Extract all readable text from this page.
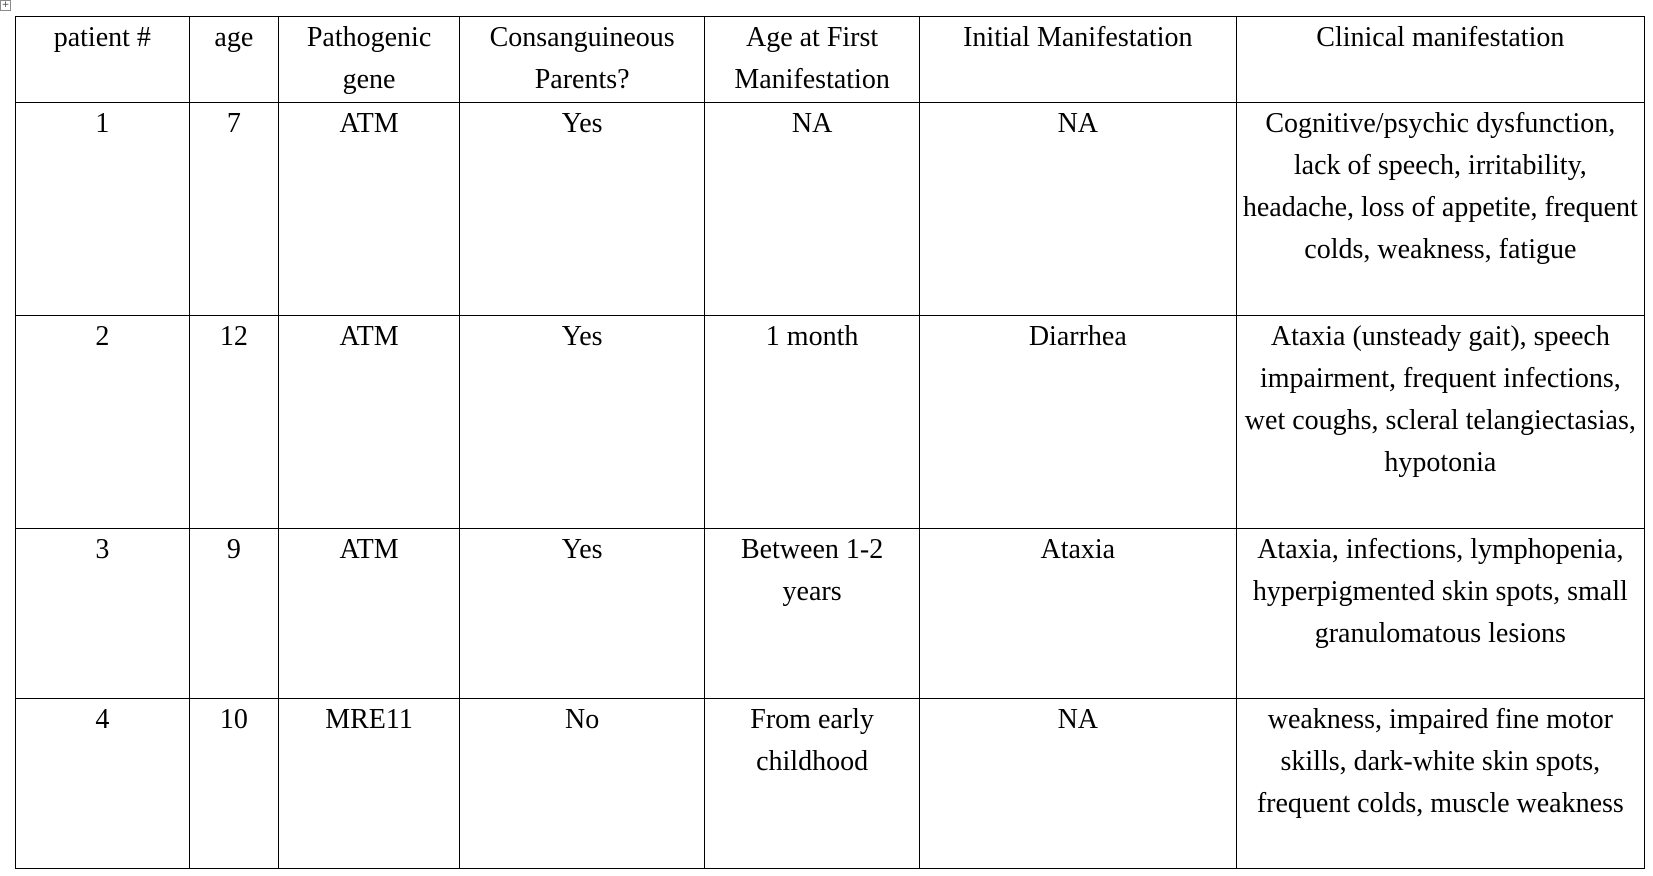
+
patient #	age	Pathogenic gene	Consanguineous Parents?	Age at First Manifestation	Initial Manifestation	Clinical manifestation
1	7	ATM	Yes	NA	NA	Cognitive/psychic dysfunction, lack of speech, irritability, headache, loss of appetite, frequent colds, weakness, fatigue
2	12	ATM	Yes	1 month	Diarrhea	Ataxia (unsteady gait), speech impairment, frequent infections, wet coughs, scleral telangiectasias, hypotonia
3	9	ATM	Yes	Between 1-2 years	Ataxia	Ataxia, infections, lymphopenia, hyperpigmented skin spots, small granulomatous lesions
4	10	MRE11	No	From early childhood	NA	weakness, impaired fine motor skills, dark-white skin spots, frequent colds, muscle weakness
